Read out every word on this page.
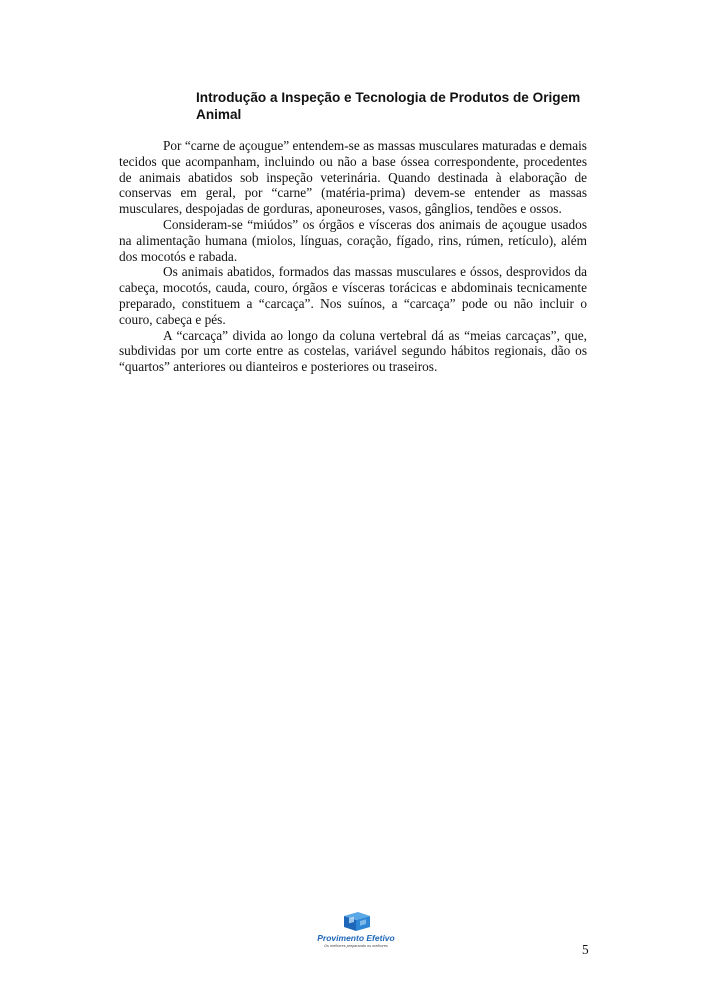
Introdução a Inspeção e Tecnologia de Produtos de Origem Animal

Por “carne de açougue” entendem-se as massas musculares maturadas e demais tecidos que acompanham, incluindo ou não a base óssea correspondente, procedentes de animais abatidos sob inspeção veterinária. Quando destinada à elaboração de conservas em geral, por “carne” (matéria-prima) devem-se entender as massas musculares, despojadas de gorduras, aponeuroses, vasos, gânglios, tendões e ossos.

Consideram-se “miúdos” os órgãos e vísceras dos animais de açougue usados na alimentação humana (miolos, línguas, coração, fígado, rins, rúmen, retículo), além dos mocotós e rabada.

Os animais abatidos, formados das massas musculares e óssos, desprovidos da cabeça, mocotós, cauda, couro, órgãos e vísceras torácicas e abdominais tecnicamente preparado, constituem a “carcaça”. Nos suínos, a “carcaça” pode ou não incluir o couro, cabeça e pés.

A “carcaça” divida ao longo da coluna vertebral dá as “meias carcaças”, que, subdividas por um corte entre as costelas, variável segundo hábitos regionais, dão os “quartos” anteriores ou dianteiros e posteriores ou traseiros.

Provimento Efetivo
Os melhores preparando os melhores	5
